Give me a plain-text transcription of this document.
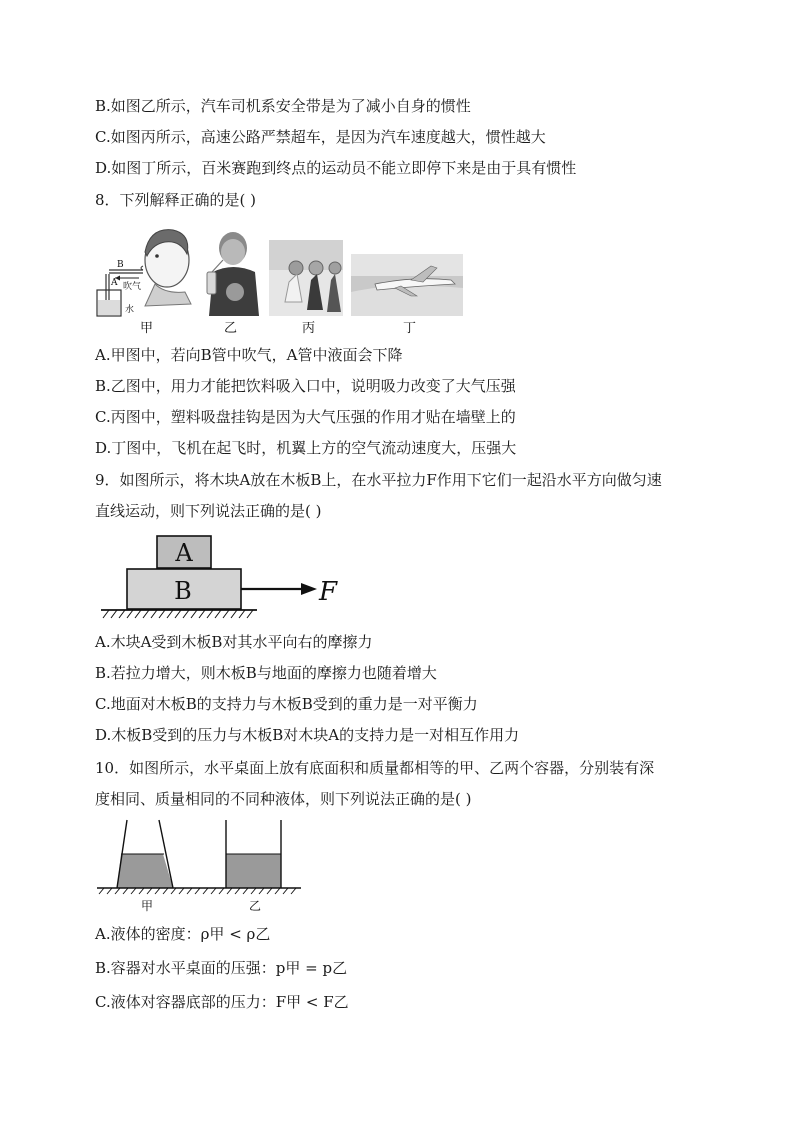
B.如图乙所示，汽车司机系安全带是为了减小自身的惯性
C.如图丙所示，高速公路严禁超车，是因为汽车速度越大，惯性越大
D.如图丁所示，百米赛跑到终点的运动员不能立即停下来是由于具有惯性
8．下列解释正确的是( )
B
A 吹气
水
甲	乙	丙	丁
A.甲图中，若向B管中吹气，A管中液面会下降
B.乙图中，用力才能把饮料吸入口中，说明吸力改变了大气压强
C.丙图中，塑料吸盘挂钩是因为大气压强的作用才贴在墙壁上的
D.丁图中，飞机在起飞时，机翼上方的空气流动速度大，压强大
9．如图所示，将木块A放在木板B上，在水平拉力F作用下它们一起沿水平方向做匀速
直线运动，则下列说法正确的是( )
A
B	F
A.木块A受到木板B对其水平向右的摩擦力
B.若拉力增大，则木板B与地面的摩擦力也随着增大
C.地面对木板B的支持力与木板B受到的重力是一对平衡力
D.木板B受到的压力与木板B对木块A的支持力是一对相互作用力
10．如图所示，水平桌面上放有底面积和质量都相等的甲、乙两个容器，分别装有深
度相同、质量相同的不同种液体，则下列说法正确的是( )
甲	乙
A.液体的密度：ρ甲 < ρ乙
B.容器对水平桌面的压强：p甲 = p乙
C.液体对容器底部的压力：F甲 < F乙
